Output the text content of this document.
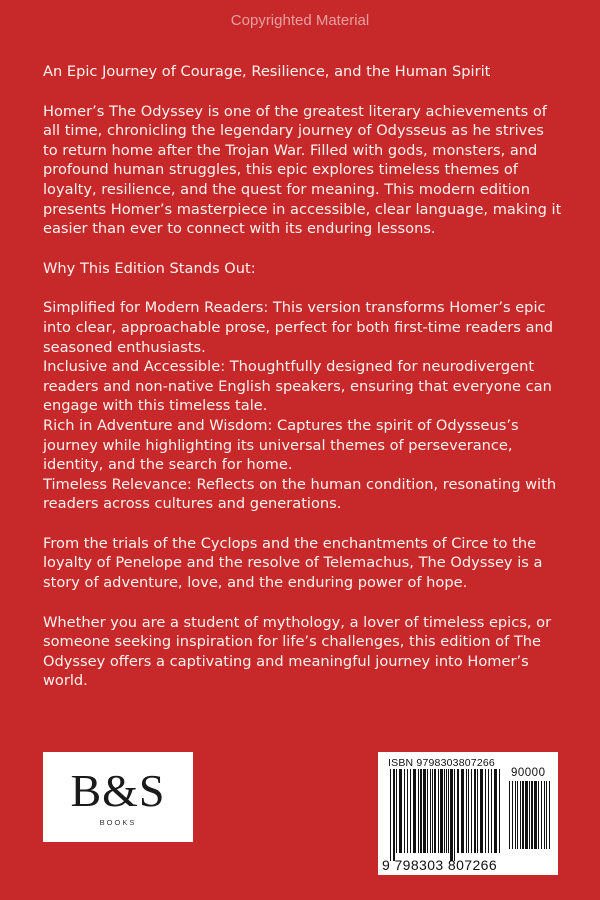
Copyrighted Material

An Epic Journey of Courage, Resilience, and the Human Spirit

Homer’s The Odyssey is one of the greatest literary achievements of all time, chronicling the legendary journey of Odysseus as he strives to return home after the Trojan War. Filled with gods, monsters, and profound human struggles, this epic explores timeless themes of loyalty, resilience, and the quest for meaning. This modern edition presents Homer’s masterpiece in accessible, clear language, making it easier than ever to connect with its enduring lessons.

Why This Edition Stands Out:

Simplified for Modern Readers: This version transforms Homer’s epic into clear, approachable prose, perfect for both first-time readers and seasoned enthusiasts.

Inclusive and Accessible: Thoughtfully designed for neurodivergent readers and non-native English speakers, ensuring that everyone can engage with this timeless tale.

Rich in Adventure and Wisdom: Captures the spirit of Odysseus’s journey while highlighting its universal themes of perseverance, identity, and the search for home.

Timeless Relevance: Reflects on the human condition, resonating with readers across cultures and generations.

From the trials of the Cyclops and the enchantments of Circe to the loyalty of Penelope and the resolve of Telemachus, The Odyssey is a story of adventure, love, and the enduring power of hope.

Whether you are a student of mythology, a lover of timeless epics, or someone seeking inspiration for life’s challenges, this edition of The Odyssey offers a captivating and meaningful journey into Homer’s world.

B&S
BOOKS
ISBN 9798303807266
90000
9 798303 807266
